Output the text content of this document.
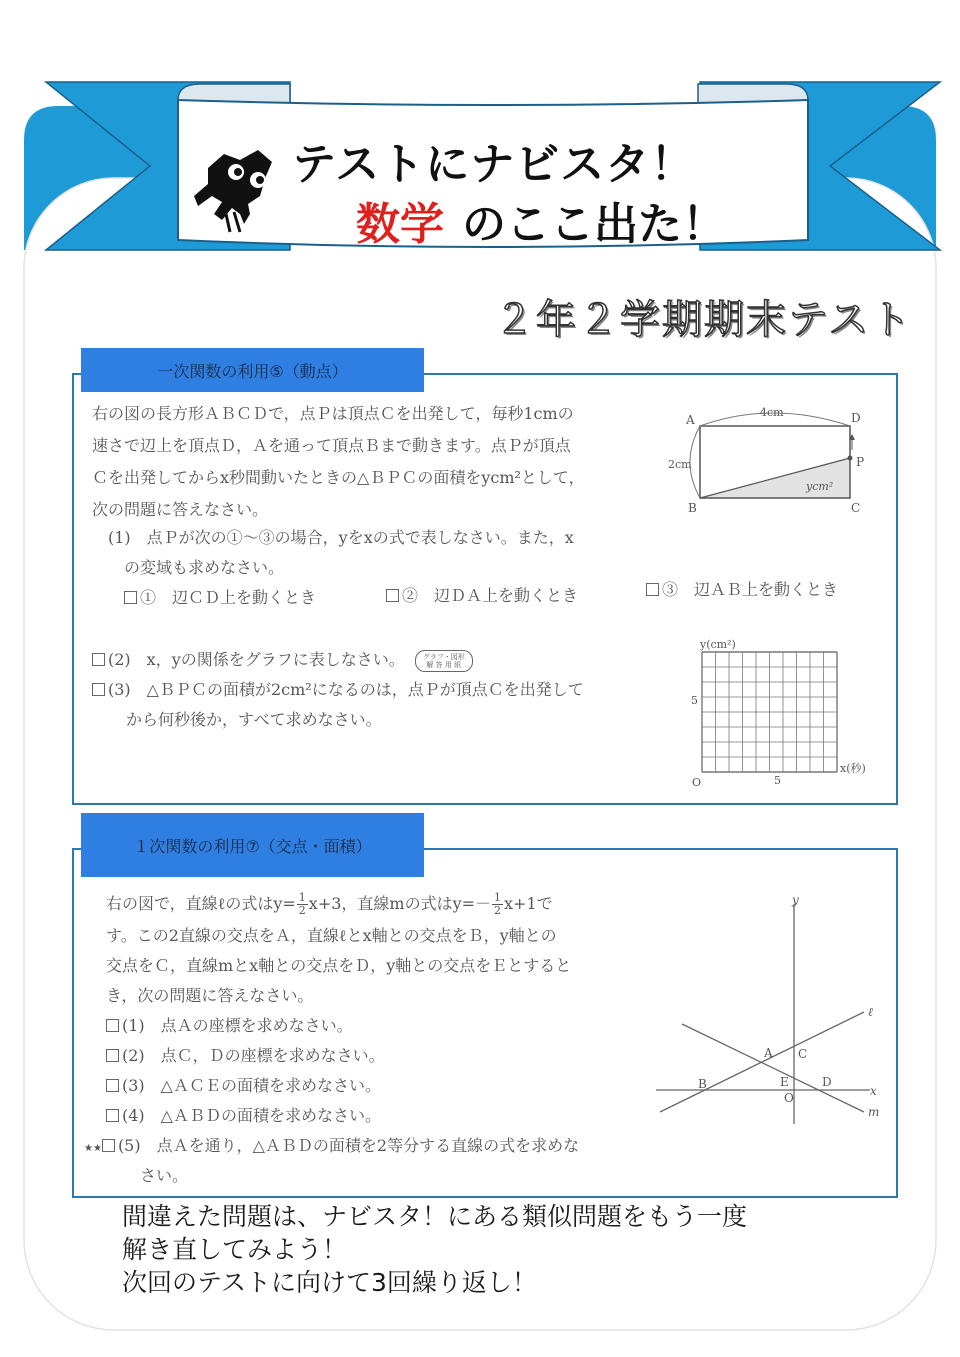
テストにナビスタ！
数学 のここ出た！
２年２学期期末テスト
一次関数の利用⑤（動点）
右の図の長方形ＡＢＣＤで，点Ｐは頂点Ｃを出発して，毎秒1cmの
速さで辺上を頂点Ｄ，Ａを通って頂点Ｂまで動きます。点Ｐが頂点
Ｃを出発してからx秒間動いたときの△ＢＰＣの面積をycm²として，
次の問題に答えなさい。
(1)　点Ｐが次の①～③の場合，yをxの式で表しなさい。また，x
の変域も求めなさい。
①　辺ＣＤ上を動くとき	②　辺ＤＡ上を動くとき	③　辺ＡＢ上を動くとき
(2)　x，yの関係をグラフに表しなさい。	グラフ・図形
解 答 用 紙
(3)　△ＢＰＣの面積が2cm²になるのは，点Ｐが頂点Ｃを出発して
から何秒後か，すべて求めなさい。
A
B	C
D
P
4cm
2cm
ycm²
y(cm²)
x(秒)
O	5
5
１次関数の利用⑦（交点・面積）
右の図で，直線ℓの式は$y= \frac{1}{2} x+3$，直線mの式は$y=- \frac{1}{2} x+1$で
す。この2直線の交点をＡ，直線ℓとx軸との交点をＢ，y軸との
交点をＣ，直線mとx軸との交点をＤ，y軸との交点をＥとすると
き，次の問題に答えなさい。
(1)　点Ａの座標を求めなさい。
(2)　点Ｃ，Ｄの座標を求めなさい。
(3)　△ＡＣＥの面積を求めなさい。
(4)　△ＡＢＤの面積を求めなさい。
★★ (5)　点Ａを通り，△ＡＢＤの面積を2等分する直線の式を求めな
さい。
y
x
ℓ
m
A
B
C
D
E
O
間違えた問題は、ナビスタ！にある類似問題をもう一度
解き直してみよう！
次回のテストに向けて3回繰り返し！
